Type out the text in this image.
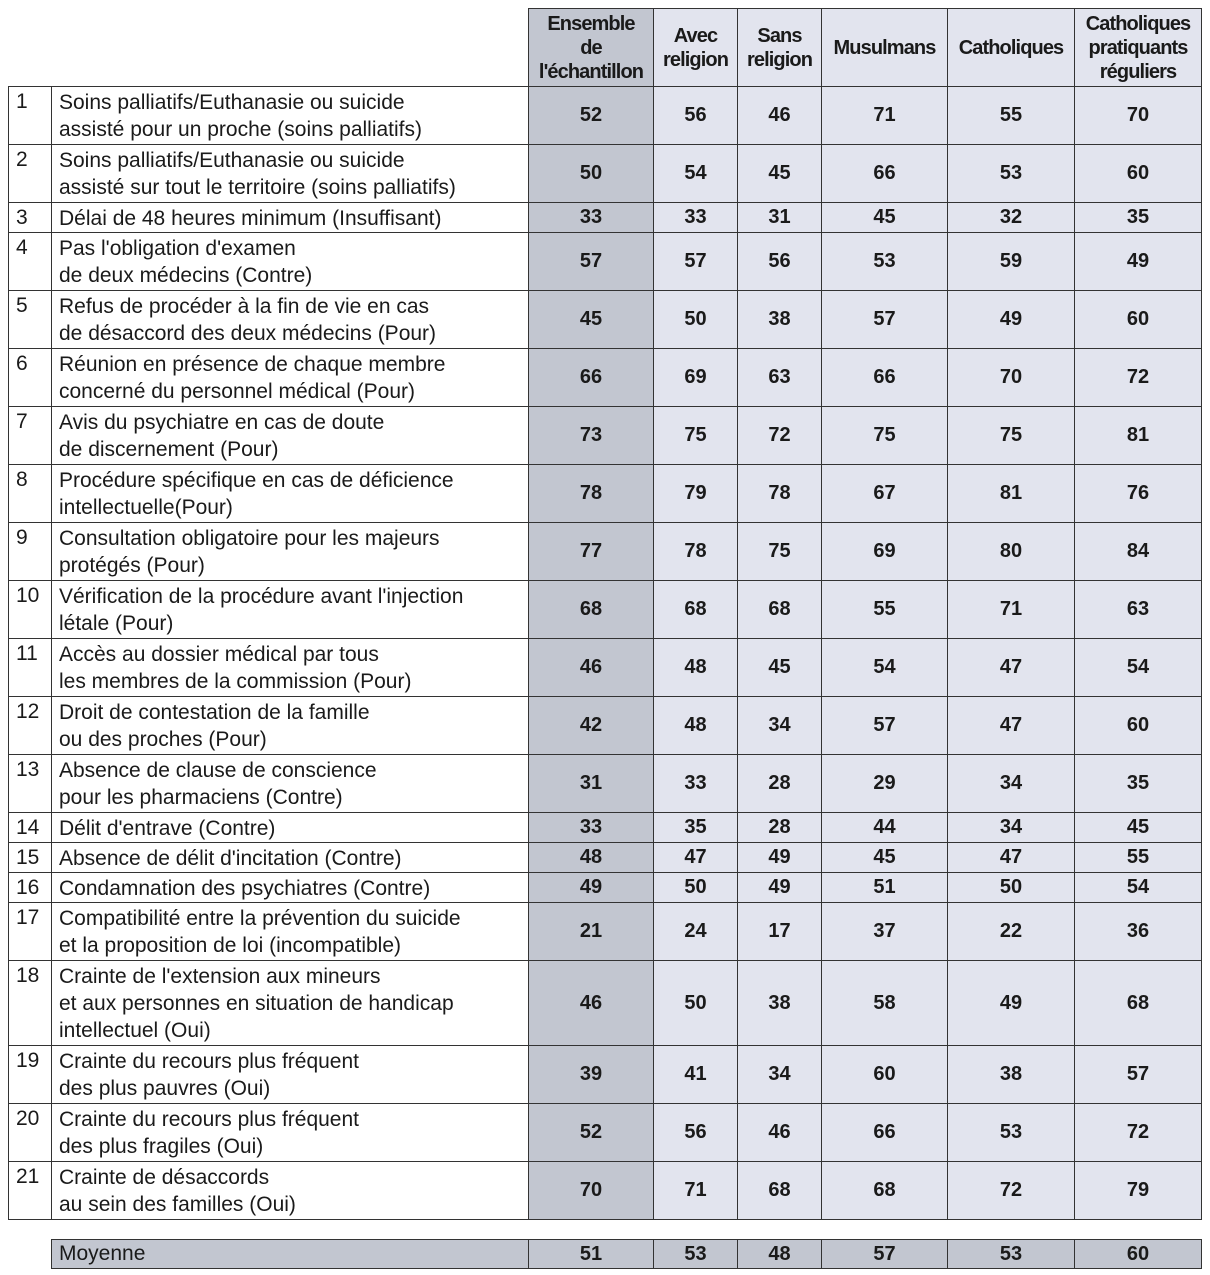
		Ensemble
de
l'échantillon	Avec
religion	Sans
religion	Musulmans	Catholiques	Catholiques
pratiquants
réguliers
1	Soins palliatifs/Euthanasie ou suicide
assisté pour un proche (soins palliatifs)	52	56	46	71	55	70
2	Soins palliatifs/Euthanasie ou suicide
assisté sur tout le territoire (soins palliatifs)	50	54	45	66	53	60
3	Délai de 48 heures minimum (Insuffisant)	33	33	31	45	32	35
4	Pas l'obligation d'examen
de deux médecins (Contre)	57	57	56	53	59	49
5	Refus de procéder à la fin de vie en cas
de désaccord des deux médecins (Pour)	45	50	38	57	49	60
6	Réunion en présence de chaque membre
concerné du personnel médical (Pour)	66	69	63	66	70	72
7	Avis du psychiatre en cas de doute
de discernement (Pour)	73	75	72	75	75	81
8	Procédure spécifique en cas de déficience
intellectuelle(Pour)	78	79	78	67	81	76
9	Consultation obligatoire pour les majeurs
protégés (Pour)	77	78	75	69	80	84
10	Vérification de la procédure avant l'injection
létale (Pour)	68	68	68	55	71	63
11	Accès au dossier médical par tous
les membres de la commission (Pour)	46	48	45	54	47	54
12	Droit de contestation de la famille
ou des proches (Pour)	42	48	34	57	47	60
13	Absence de clause de conscience
pour les pharmaciens (Contre)	31	33	28	29	34	35
14	Délit d'entrave (Contre)	33	35	28	44	34	45
15	Absence de délit d'incitation (Contre)	48	47	49	45	47	55
16	Condamnation des psychiatres (Contre)	49	50	49	51	50	54
17	Compatibilité entre la prévention du suicide
et la proposition de loi (incompatible)	21	24	17	37	22	36
18	Crainte de l'extension aux mineurs
et aux personnes en situation de handicap
intellectuel (Oui)	46	50	38	58	49	68
19	Crainte du recours plus fréquent
des plus pauvres (Oui)	39	41	34	60	38	57
20	Crainte du recours plus fréquent
des plus fragiles (Oui)	52	56	46	66	53	72
21	Crainte de désaccords
au sein des familles (Oui)	70	71	68	68	72	79
Moyenne	51	53	48	57	53	60
